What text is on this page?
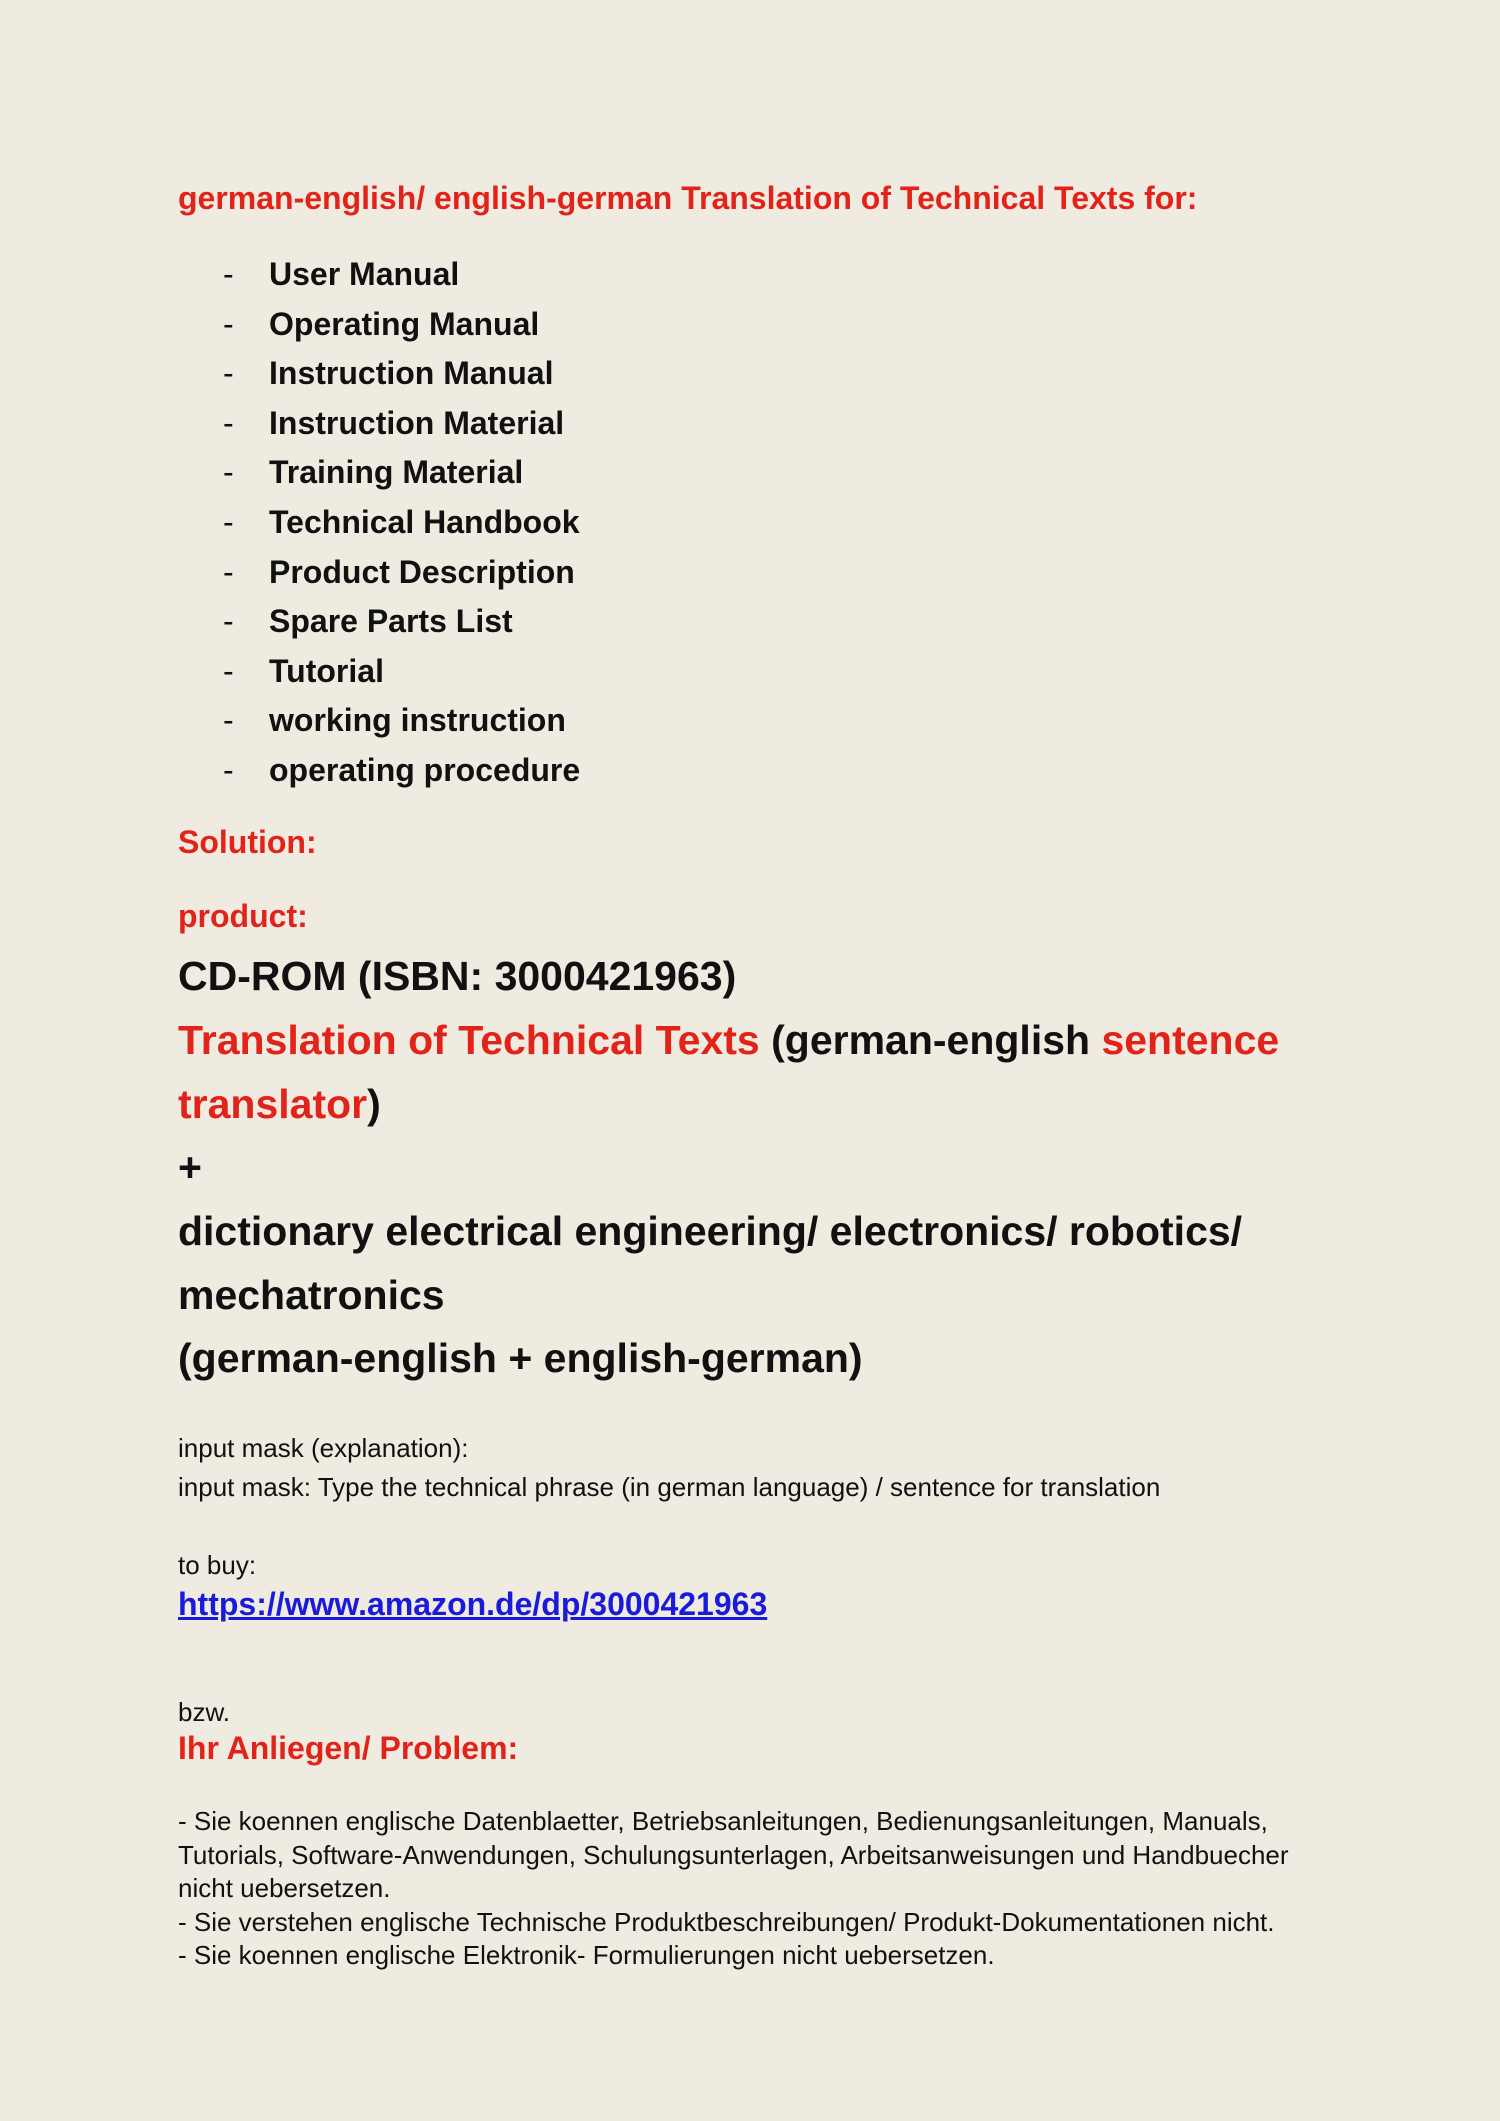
german-english/ english-german Translation of Technical Texts for:
- User Manual
- Operating Manual
- Instruction Manual
- Instruction Material
- Training Material
- Technical Handbook
- Product Description
- Spare Parts List
- Tutorial
- working instruction
- operating procedure
Solution:
product:
CD-ROM (ISBN: 3000421963)
Translation of Technical Texts (german-english sentence translator)
+
dictionary electrical engineering/ electronics/ robotics/ mechatronics
(german-english + english-german)
input mask (explanation):
input mask: Type the technical phrase (in german language) / sentence for translation
to buy:
https://www.amazon.de/dp/3000421963
bzw.
Ihr Anliegen/ Problem:

- Sie koennen englische Datenblaetter, Betriebsanleitungen, Bedienungsanleitungen, Manuals, Tutorials, Software-Anwendungen, Schulungsunterlagen, Arbeitsanweisungen und Handbuecher nicht uebersetzen.

- Sie verstehen englische Technische Produktbeschreibungen/ Produkt-Dokumentationen nicht.

- Sie koennen englische Elektronik- Formulierungen nicht uebersetzen.
